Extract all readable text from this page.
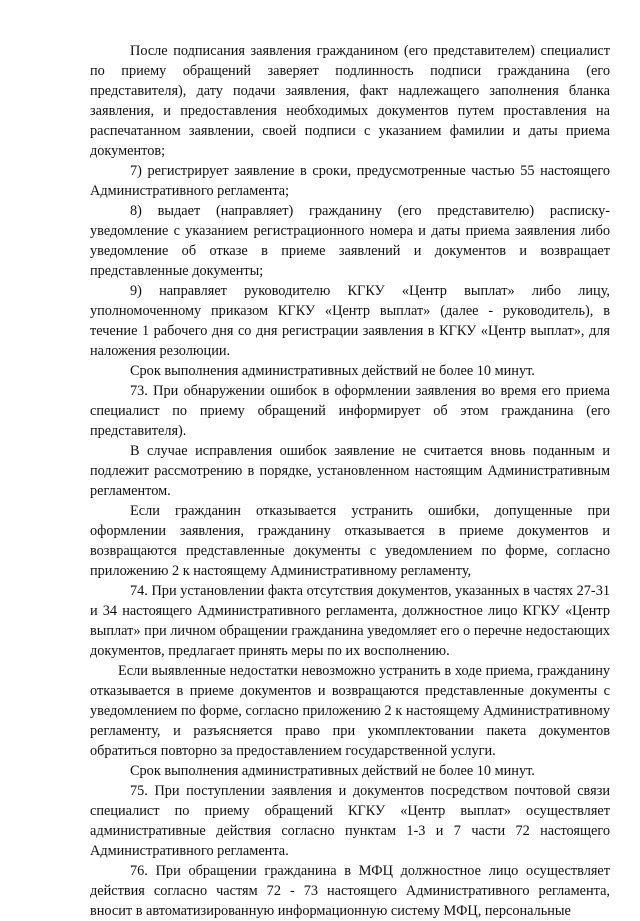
После подписания заявления гражданином (его представителем) специалист по приему обращений заверяет подлинность подписи гражданина (его представителя), дату подачи заявления, факт надлежащего заполнения бланка заявления, и предоставления необходимых документов путем проставления на распечатанном заявлении, своей подписи с указанием фамилии и даты приема документов;

7) регистрирует заявление в сроки, предусмотренные частью 55 настоящего Административного регламента;

8) выдает (направляет) гражданину (его представителю) расписку-уведомление с указанием регистрационного номера и даты приема заявления либо уведомление об отказе в приеме заявлений и документов и возвращает представленные документы;

9) направляет руководителю КГКУ «Центр выплат» либо лицу, уполномоченному приказом КГКУ «Центр выплат» (далее - руководитель), в течение 1 рабочего дня со дня регистрации заявления в КГКУ «Центр выплат», для наложения резолюции.

Срок выполнения административных действий не более 10 минут.

73. При обнаружении ошибок в оформлении заявления во время его приема специалист по приему обращений информирует об этом гражданина (его представителя).

В случае исправления ошибок заявление не считается вновь поданным и подлежит рассмотрению в порядке, установленном настоящим Административным регламентом.

Если гражданин отказывается устранить ошибки, допущенные при оформлении заявления, гражданину отказывается в приеме документов и возвращаются представленные документы с уведомлением по форме, согласно приложению 2 к настоящему Административному регламенту,

74. При установлении факта отсутствия документов, указанных в частях 27-31 и 34 настоящего Административного регламента, должностное лицо КГКУ «Центр выплат» при личном обращении гражданина уведомляет его о перечне недостающих документов, предлагает принять меры по их восполнению.

Если выявленные недостатки невозможно устранить в ходе приема, гражданину отказывается в приеме документов и возвращаются представленные документы с уведомлением по форме, согласно приложению 2 к настоящему Административному регламенту, и разъясняется право при укомплектовании пакета документов обратиться повторно за предоставлением государственной услуги.

Срок выполнения административных действий не более 10 минут.

75. При поступлении заявления и документов посредством почтовой связи специалист по приему обращений КГКУ «Центр выплат» осуществляет административные действия согласно пунктам 1-3 и 7 части 72 настоящего Административного регламента.

76. При обращении гражданина в МФЦ должностное лицо осуществляет действия согласно частям 72 - 73 настоящего Административного регламента, вносит в автоматизированную информационную систему МФЦ, персональные
